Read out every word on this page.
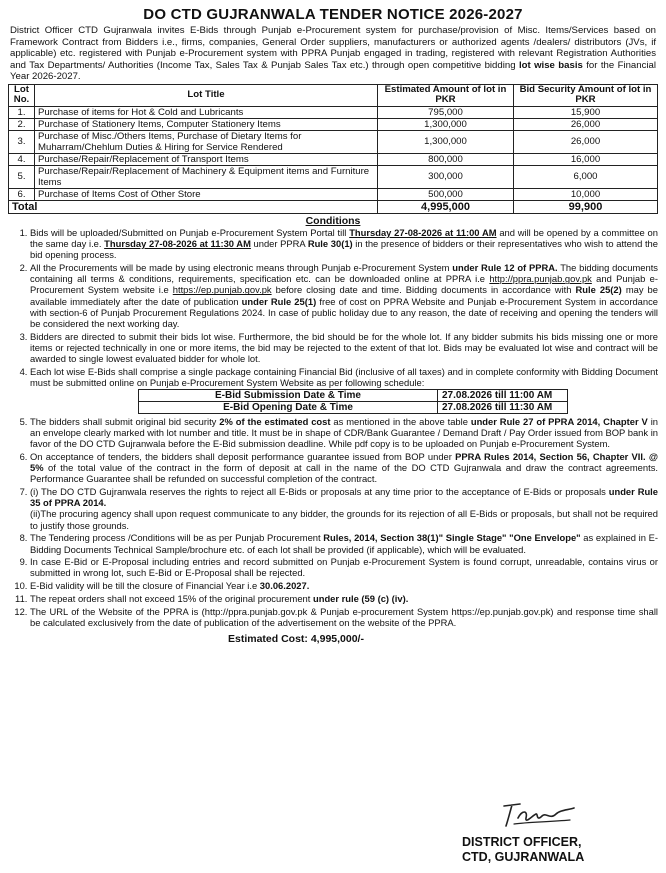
DO CTD GUJRANWALA TENDER NOTICE 2026-2027
District Officer CTD Gujranwala invites E-Bids through Punjab e-Procurement system for purchase/provision of Misc. Items/Services based on Framework Contract from Bidders i.e., firms, companies, General Order suppliers, manufacturers or authorized agents /dealers/ distributors (JVs, if applicable) etc. registered with Punjab e-Procurement system with PPRA Punjab engaged in trading, registered with relevant Registration Authorities and Tax Departments/ Authorities (Income Tax, Sales Tax & Punjab Sales Tax etc.) through open competitive bidding lot wise basis for the Financial Year 2026-2027.
Lot No.	Lot Title	Estimated Amount of lot in PKR	Bid Security Amount of lot in PKR
1.	Purchase of items for Hot & Cold and Lubricants	795,000	15,900
2.	Purchase of Stationery Items, Computer Stationery Items	1,300,000	26,000
3.	Purchase of Misc./Others Items, Purchase of Dietary Items for Muharram/Chehlum Duties & Hiring for Service Rendered	1,300,000	26,000
4.	Purchase/Repair/Replacement of Transport Items	800,000	16,000
5.	Purchase/Repair/Replacement of Machinery & Equipment items and Furniture Items	300,000	6,000
6.	Purchase of Items Cost of Other Store	500,000	10,000
Total		4,995,000	99,900
Conditions
1. Bids will be uploaded/Submitted on Punjab e-Procurement System Portal till Thursday 27-08-2026 at 11:00 AM and will be opened by a committee on the same day i.e. Thursday 27-08-2026 at 11:30 AM under PPRA Rule 30(1) in the presence of bidders or their representatives who wish to attend the bid opening process.
2. All the Procurements will be made by using electronic means through Punjab e-Procurement System under Rule 12 of PPRA. The bidding documents containing all terms & conditions, requirements, specification etc. can be downloaded online at PPRA i.e http://ppra.punjab.gov.pk and Punjab e-Procurement System website i.e https://ep.punjab.gov.pk before closing date and time. Bidding documents in accordance with Rule 25(2) may be available immediately after the date of publication under Rule 25(1) free of cost on PPRA Website and Punjab e-Procurement System in accordance with section-6 of Punjab Procurement Regulations 2024. In case of public holiday due to any reason, the date of receiving and opening the tenders will be considered the next working day.
3. Bidders are directed to submit their bids lot wise. Furthermore, the bid should be for the whole lot. If any bidder submits his bids missing one or more items or rejected technically in one or more items, the bid may be rejected to the extent of that lot. Bids may be evaluated lot wise and contract will be awarded to single lowest evaluated bidder for whole lot.
4. Each lot wise E-Bids shall comprise a single package containing Financial Bid (inclusive of all taxes) and in complete conformity with Bidding Document must be submitted online on Punjab e-Procurement System Website as per following schedule:
E-Bid Submission Date & Time	27.08.2026 till 11:00 AM
E-Bid Opening Date & Time	27.08.2026 till 11:30 AM
5. The bidders shall submit original bid security 2% of the estimated cost as mentioned in the above table under Rule 27 of PPRA 2014, Chapter V in an envelope clearly marked with lot number and title. It must be in shape of CDR/Bank Guarantee / Demand Draft / Pay Order issued from BOP bank in favor of the DO CTD Gujranwala before the E-Bid submission deadline. While pdf copy is to be uploaded on Punjab e-Procurement System.
6. On acceptance of tenders, the bidders shall deposit performance guarantee issued from BOP under PPRA Rules 2014, Section 56, Chapter VII. @ 5% of the total value of the contract in the form of deposit at call in the name of the DO CTD Gujranwala and draw the contract agreements. Performance Guarantee shall be refunded on successful completion of the contract.
7. (i) The DO CTD Gujranwala reserves the rights to reject all E-Bids or proposals at any time prior to the acceptance of E-Bids or proposals under Rule 35 of PPRA 2014.
(ii)The procuring agency shall upon request communicate to any bidder, the grounds for its rejection of all E-Bids or proposals, but shall not be required to justify those grounds.
8. The Tendering process /Conditions will be as per Punjab Procurement Rules, 2014, Section 38(1)" Single Stage" "One Envelope" as explained in E-Bidding Documents Technical Sample/brochure etc. of each lot shall be provided (if applicable), which will be evaluated.
9. In case E-Bid or E-Proposal including entries and record submitted on Punjab e-Procurement System is found corrupt, unreadable, contains virus or submitted in wrong lot, such E-Bid or E-Proposal shall be rejected.
10. E-Bid validity will be till the closure of Financial Year i.e 30.06.2027.
11. The repeat orders shall not exceed 15% of the original procurement under rule (59 (c) (iv).
12. The URL of the Website of the PPRA is (http://ppra.punjab.gov.pk & Punjab e-procurement System https://ep.punjab.gov.pk) and response time shall be calculated exclusively from the date of publication of the advertisement on the website of the PPRA.
Estimated Cost: 4,995,000/-
DISTRICT OFFICER,
CTD, GUJRANWALA
